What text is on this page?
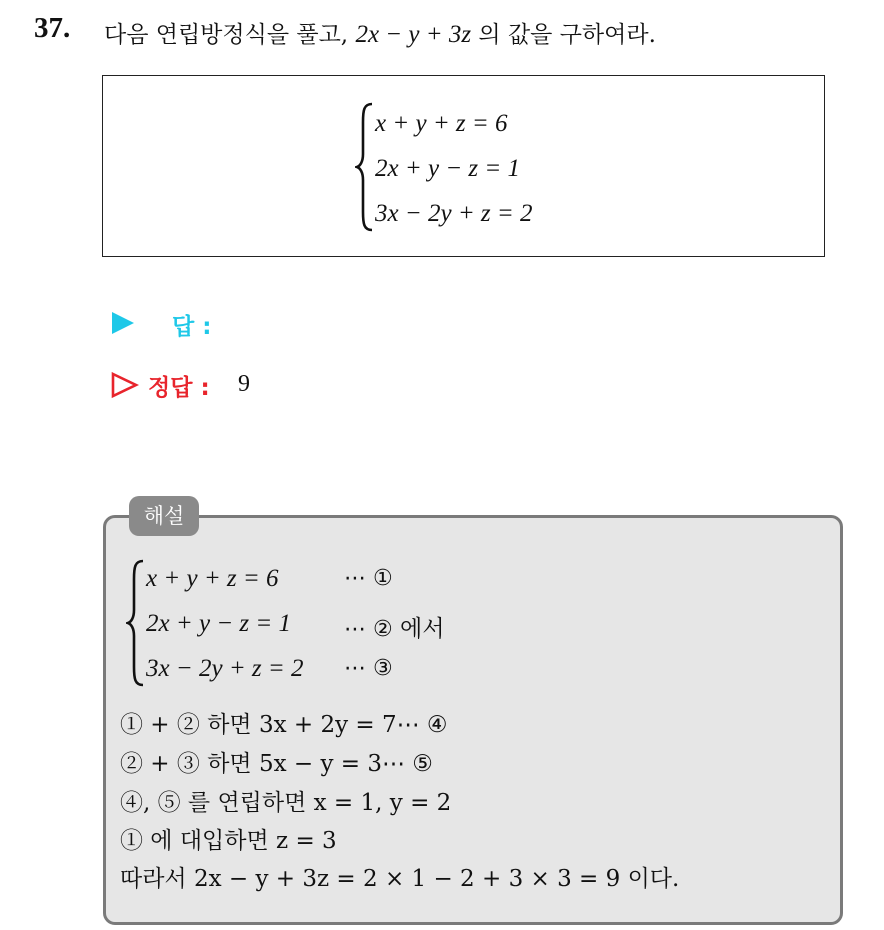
37. 다음 연립방정식을 풀고, 2x − y + 3z 의 값을 구하여라.
x + y + z = 6
2x + y − z = 1
3x − 2y + z = 2
답 :
정답 : 9
해설
x + y + z = 6	⋯ ①
2x + y − z = 1 ⋯ ② 에서
3x − 2y + z = 2 ⋯ ③
① + ② 하면 3x + 2y = 7⋯ ④
② + ③ 하면 5x − y = 3⋯ ⑤
④, ⑤ 를 연립하면 x = 1, y = 2
① 에 대입하면 z = 3
따라서 2x − y + 3z = 2 × 1 − 2 + 3 × 3 = 9 이다.
